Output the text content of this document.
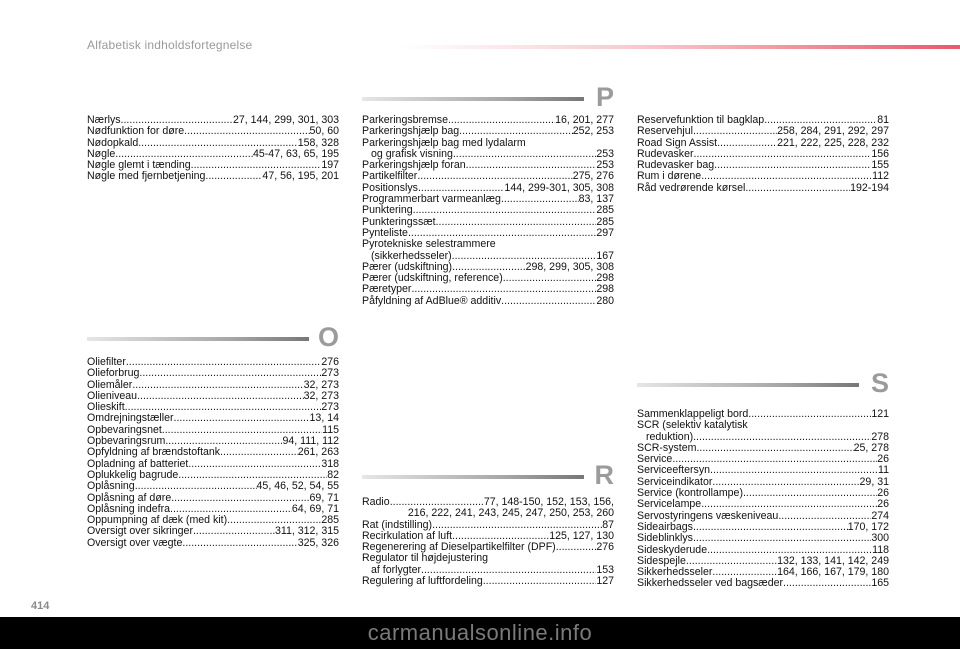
Alfabetisk indholdsfortegnelse
Nærlys .....	27, 144, 299, 301, 303
Nødfunktion for døre .....	50, 60
Nødopkald .....	158, 328
Nøgle .....	45-47, 63, 65, 195
Nøgle glemt i tænding .....	197
Nøgle med fjernbetjening .....	47, 56, 195, 201
O
Oliefilter .....	276
Olieforbrug .....	273
Oliemåler .....	32, 273
Olieniveau .....	32, 273
Olieskift .....	273
Omdrejningstæller .....	13, 14
Opbevaringsnet .....	115
Opbevaringsrum .....	94, 111, 112
Opfyldning af brændstoftank .....	261, 263
Opladning af batteriet .....	318
Oplukkelig bagrude .....	82
Oplåsning .....	45, 46, 52, 54, 55
Oplåsning af døre .....	69, 71
Oplåsning indefra .....	64, 69, 71
Oppumpning af dæk (med kit) .....	285
Oversigt over sikringer .....	311, 312, 315
Oversigt over vægte .....	325, 326
P
Parkeringsbremse .....	16, 201, 277
Parkeringshjælp bag .....	252, 253
Parkeringshjælp bag med lydalarm
og grafisk visning .....	253
Parkeringshjælp foran .....	253
Partikelfilter .....	275, 276
Positionslys .....	144, 299-301, 305, 308
Programmerbart varmeanlæg .....	83, 137
Punktering .....	285
Punkteringssæt .....	285
Pynteliste .....	297
Pyrotekniske selestrammere
(sikkerhedsseler) .....	167
Pærer (udskiftning) .....	298, 299, 305, 308
Pærer (udskiftning, reference) .....	298
Pæretyper .....	298
Påfyldning af AdBlue® additiv .....	280
R
Radio .....	77, 148-150, 152, 153, 156,
216, 222, 241, 243, 245, 247, 250, 253, 260
Rat (indstilling) .....	87
Recirkulation af luft .....	125, 127, 130
Regenerering af Dieselpartikelfilter (DPF) .....	276
Regulator til højdejustering
af forlygter .....	153
Regulering af luftfordeling .....	127
Reservefunktion til bagklap .....	81
Reservehjul .....	258, 284, 291, 292, 297
Road Sign Assist .....	221, 222, 225, 228, 232
Rudevasker .....	156
Rudevasker bag .....	155
Rum i dørene .....	112
Råd vedrørende kørsel .....	192-194
S
Sammenklappeligt bord .....	121
SCR (selektiv katalytisk
reduktion) .....	278
SCR-system .....	25, 278
Service .....	26
Serviceeftersyn .....	11
Serviceindikator .....	29, 31
Service (kontrollampe) .....	26
Servicelampe .....	26
Servostyringens væskeniveau .....	274
Sideairbags .....	170, 172
Sideblinklys .....	300
Sideskyderude .....	118
Sidespejle .....	132, 133, 141, 142, 249
Sikkerhedsseler .....	164, 166, 167, 179, 180
Sikkerhedsseler ved bagsæder .....	165
414
carmanualsonline.info
